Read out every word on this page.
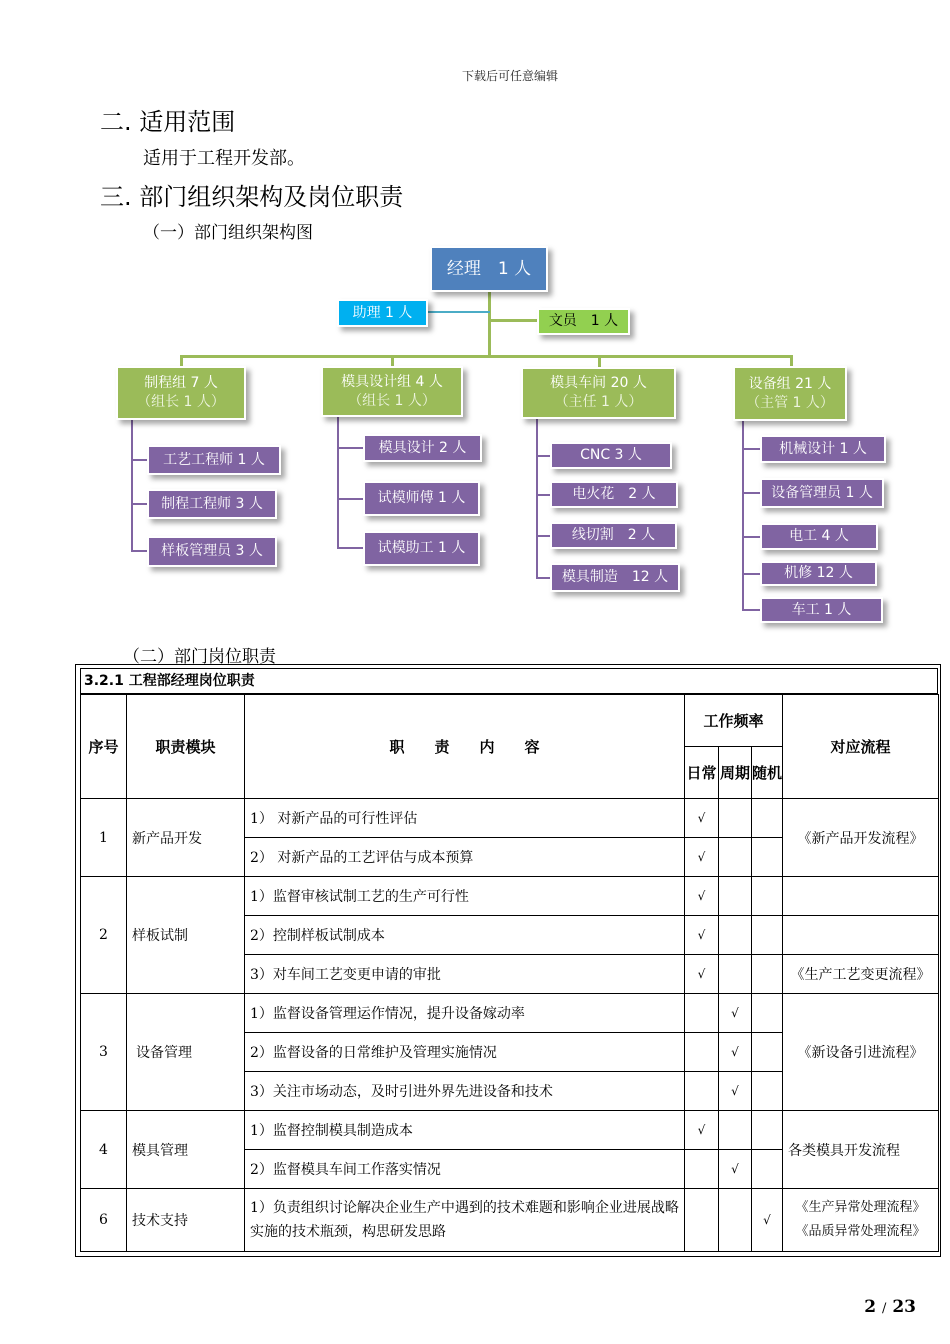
下载后可任意编辑
二. 适用范围
适用于工程开发部。
三. 部门组织架构及岗位职责
（一）部门组织架构图
经理　1 人
助理 1 人
文员　1 人
制程组 7 人
（组长 1 人）
模具设计组 4 人
（组长 1 人）
模具车间 20 人
（主任 1 人）
设备组 21 人
（主管 1 人）
工艺工程师 1 人
制程工程师 3 人
样板管理员 3 人
模具设计 2 人
试模师傅 1 人
试模助工 1 人
CNC 3 人
电火花　2 人
线切割　2 人
模具制造　12 人
机械设计 1 人
设备管理员 1 人
电工 4 人
机修 12 人
车工 1 人
（二）部门岗位职责
3.2.1 工程部经理岗位职责
序号	职责模块	职　　责　　内　　容	工作频率			对应流程
			日常	周期	随机	
1	新产品开发	1） 对新产品的可行性评估	√			《新产品开发流程》
		2） 对新产品的工艺评估与成本预算	√			
2	样板试制	1）监督审核试制工艺的生产可行性	√			
		2）控制样板试制成本	√			
		3）对车间工艺变更申请的审批	√			《生产工艺变更流程》
3	设备管理	1）监督设备管理运作情况，提升设备嫁动率		√		《新设备引进流程》
		2）监督设备的日常维护及管理实施情况		√		
		3）关注市场动态，及时引进外界先进设备和技术		√		
4	模具管理	1）监督控制模具制造成本	√			各类模具开发流程
		2）监督模具车间工作落实情况		√		
6	技术支持	1）负责组织讨论解决企业生产中遇到的技术难题和影响企业进展战略实施的技术瓶颈，构思研发思路			√	《生产异常处理流程》
《品质异常处理流程》
2 / 23
